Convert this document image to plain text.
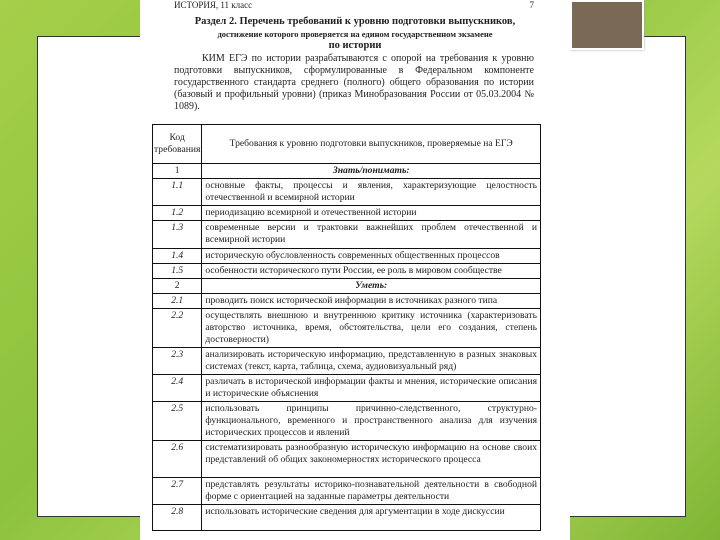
ИСТОРИЯ, 11 класс	7
Раздел 2. Перечень требований к уровню подготовки выпускников,
достижение которого проверяется на едином государственном экзамене
по истории
КИМ ЕГЭ по истории разрабатываются с опорой на требования к уровню подготовки выпускников, сформулированные в Федеральном компоненте государственного стандарта среднего (полного) общего образования по истории (базовый и профильный уровни) (приказ Минобразования России от 05.03.2004 № 1089).
Код требования	Требования к уровню подготовки выпускников, проверяемые на ЕГЭ
1	Знать/понимать:
1.1	основные факты, процессы и явления, характеризующие целостность отечественной и всемирной истории
1.2	периодизацию всемирной и отечественной истории
1.3	современные версии и трактовки важнейших проблем отечественной и всемирной истории
1.4	историческую обусловленность современных общественных процессов
1.5	особенности исторического пути России, ее роль в мировом сообществе
2	Уметь:
2.1	проводить поиск исторической информации в источниках разного типа
2.2	осуществлять внешнюю и внутреннюю критику источника (характеризовать авторство источника, время, обстоятельства, цели его создания, степень достоверности)
2.3	анализировать историческую информацию, представленную в разных знаковых системах (текст, карта, таблица, схема, аудиовизуальный ряд)
2.4	различать в исторической информации факты и мнения, исторические описания и исторические объяснения
2.5	использовать принципы причинно-следственного, структурно-функционального, временного и пространственного анализа для изучения исторических процессов и явлений
2.6	систематизировать разнообразную историческую информацию на основе своих представлений об общих закономерностях исторического процесса
2.7	представлять результаты историко-познавательной деятельности в свободной форме с ориентацией на заданные параметры деятельности
2.8	использовать исторические сведения для аргументации в ходе дискуссии
